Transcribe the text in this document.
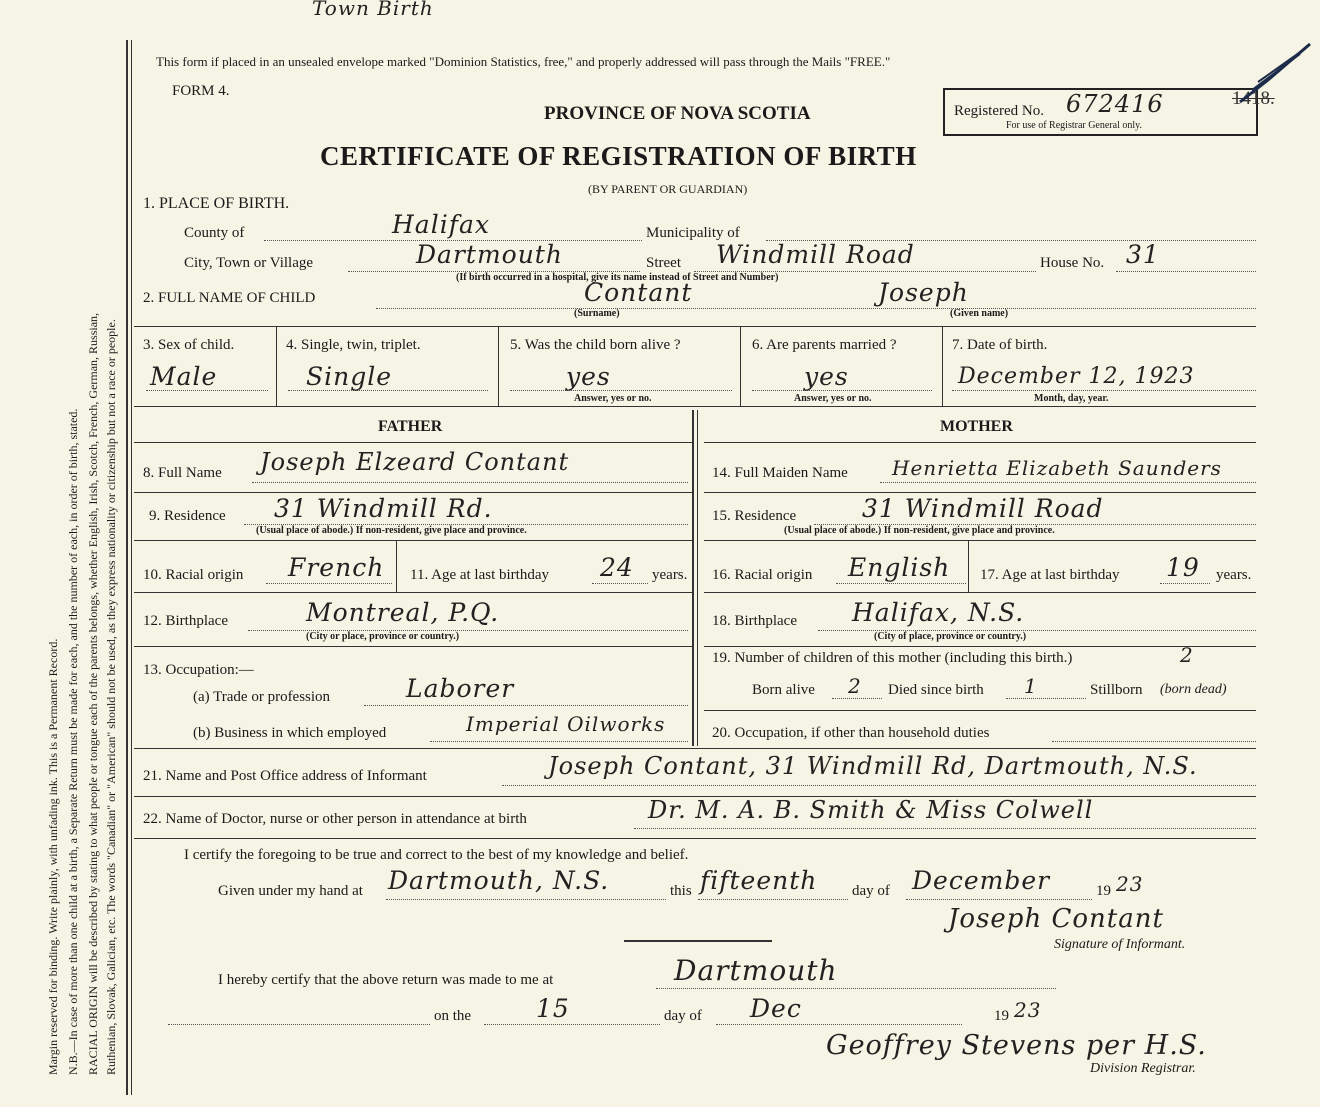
Margin reserved for binding. Write plainly, with unfading ink. This is a Permanent Record. N.B.—In case of more than one child at a birth, a Separate Return must be made for each, and the number of each, in order of birth, stated. RACIAL ORIGIN will be described by stating to what people or tongue each of the parents belongs, whether English, Irish, Scotch, French, German, Russian, Ruthenian, Slovak, Galician, etc. The words "Canadian" or "American" should not be used, as they express nationality or citizenship but not a race or people.
Town Birth
This form if placed in an unsealed envelope marked "Dominion Statistics, free," and properly addressed will pass through the Mails "FREE."
FORM 4.
PROVINCE OF NOVA SCOTIA
CERTIFICATE OF REGISTRATION OF BIRTH
(BY PARENT OR GUARDIAN)
Registered No. 672416
For use of Registrar General only.
1418.
1. PLACE OF BIRTH.
County of	Halifax	Municipality of
City, Town or Village	Dartmouth	Street Windmill Road
(If birth occurred in a hospital, give its name instead of Street and Number)
House No. 31
2. FULL NAME OF CHILD	Contant
(Surname)
Joseph
(Given name)
3. Sex of child.
Male
4. Single, twin, triplet.
Single
5. Was the child born alive ?
yes
Answer, yes or no.
6. Are parents married ?
yes
Answer, yes or no.
7. Date of birth.
December 12, 1923
Month, day, year.
FATHER	MOTHER
8. Full Name Joseph Elzeard Contant
9. Residence 31 Windmill Rd.
(Usual place of abode.) If non-resident, give place and province.
10. Racial origin French 11. Age at last birthday 24 years.
12. Birthplace	Montreal, P.Q.
(City or place, province or country.)
13. Occupation:—
(a) Trade or profession	Laborer
(b) Business in which employed	Imperial Oilworks
14. Full Maiden Name Henrietta Elizabeth Saunders
15. Residence	31 Windmill Road
(Usual place of abode.) If non-resident, give place and province.
16. Racial origin English 17. Age at last birthday 19 years.
18. Birthplace Halifax, N.S.
(City of place, province or country.)
19. Number of children of this mother (including this birth.)	2
Born alive 2 Died since birth 1	Stillborn (born dead)
20. Occupation, if other than household duties
21. Name and Post Office address of Informant	Joseph Contant, 31 Windmill Rd, Dartmouth, N.S.
22. Name of Doctor, nurse or other person in attendance at birth	Dr. M. A. B. Smith & Miss Colwell
I certify the foregoing to be true and correct to the best of my knowledge and belief.
Given under my hand at Dartmouth, N.S.	this fifteenth day of December	19 23
Joseph Contant
Signature of Informant.
I hereby certify that the above return was made to me at	Dartmouth
on the	15	day of Dec	19 23
Geoffrey Stevens per H.S.
Division Registrar.
